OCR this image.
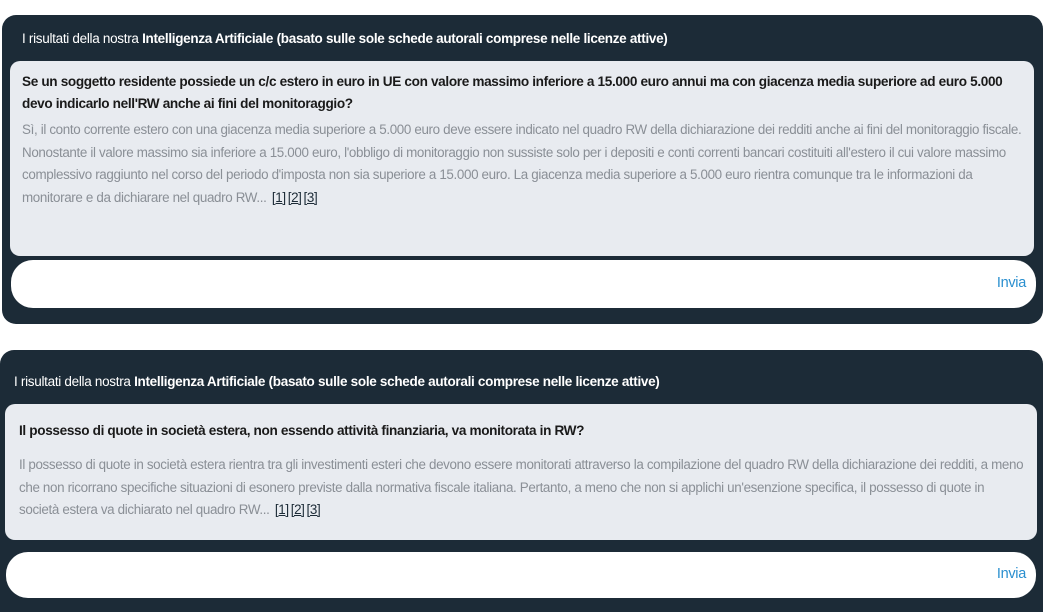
I risultati della nostra Intelligenza Artificiale (basato sulle sole schede autorali comprese nelle licenze attive)
Se un soggetto residente possiede un c/c estero in euro in UE con valore massimo inferiore a 15.000 euro annui ma con giacenza media superiore ad euro 5.000 devo indicarlo nell'RW anche ai fini del monitoraggio?
Sì, il conto corrente estero con una giacenza media superiore a 5.000 euro deve essere indicato nel quadro RW della dichiarazione dei redditi anche ai fini del monitoraggio fiscale. Nonostante il valore massimo sia inferiore a 15.000 euro, l'obbligo di monitoraggio non sussiste solo per i depositi e conti correnti bancari costituiti all'estero il cui valore massimo complessivo raggiunto nel corso del periodo d'imposta non sia superiore a 15.000 euro. La giacenza media superiore a 5.000 euro rientra comunque tra le informazioni da monitorare e da dichiarare nel quadro RW... [1] [2] [3]
Invia
I risultati della nostra Intelligenza Artificiale (basato sulle sole schede autorali comprese nelle licenze attive)
Il possesso di quote in società estera, non essendo attività finanziaria, va monitorata in RW?
Il possesso di quote in società estera rientra tra gli investimenti esteri che devono essere monitorati attraverso la compilazione del quadro RW della dichiarazione dei redditi, a meno che non ricorrano specifiche situazioni di esonero previste dalla normativa fiscale italiana. Pertanto, a meno che non si applichi un'esenzione specifica, il possesso di quote in società estera va dichiarato nel quadro RW... [1] [2] [3]
Invia
